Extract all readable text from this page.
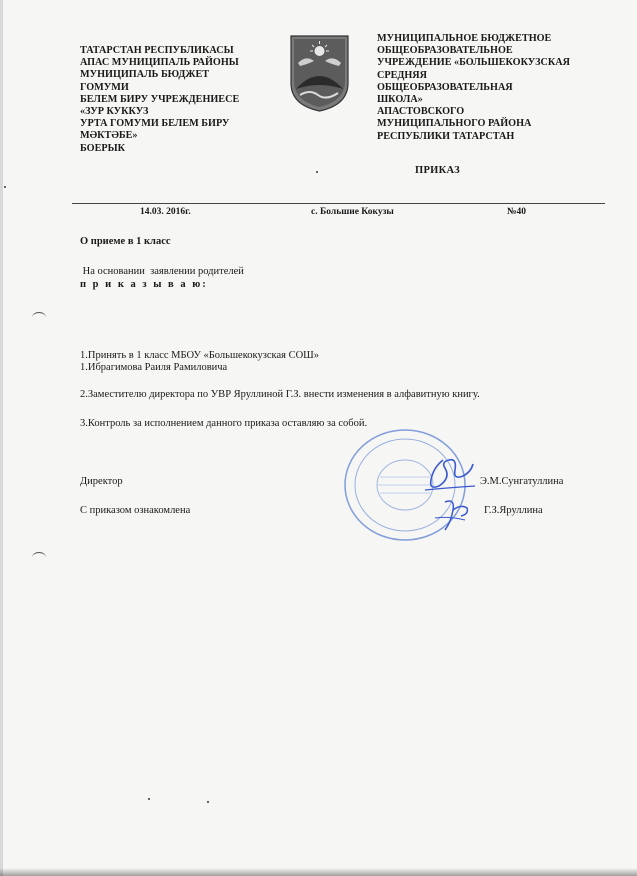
ТАТАРСТАН РЕСПУБЛИКАСЫ
АПАС МУНИЦИПАЛЬ РАЙОНЫ
МУНИЦИПАЛЬ БЮДЖЕТ
ГОМУМИ
БЕЛЕМ БИРУ УЧРЕЖДЕНИЕСЕ
«ЗУР КУККУЗ
УРТА ГОМУМИ БЕЛЕМ БИРУ
МӘКТӘБЕ»
БОЕРЫК
МУНИЦИПАЛЬНОЕ БЮДЖЕТНОЕ
ОБЩЕОБРАЗОВАТЕЛЬНОЕ
УЧРЕЖДЕНИЕ «БОЛЬШЕКОКУЗСКАЯ
СРЕДНЯЯ
ОБЩЕОБРАЗОВАТЕЛЬНАЯ
ШКОЛА»
АПАСТОВСКОГО
МУНИЦИПАЛЬНОГО РАЙОНА
РЕСПУБЛИКИ ТАТАРСТАН
ПРИКАЗ
14.03. 2016г.	с. Большие Кокузы	№40
О приеме в 1 класс
На основании  заявлении родителей
п р и к а з ы в а ю:
1.Принять в 1 класс МБОУ «Большекокузская СОШ»
1.Ибрагимова Раиля Рамиловича
2.Заместителю директора по УВР Яруллиной Г.З. внести изменения в алфавитную книгу.
3.Контроль за исполнением данного приказа оставляю за собой.
Директор	Э.М.Сунгатуллина
С приказом ознакомлена	Г.З.Яруллина
